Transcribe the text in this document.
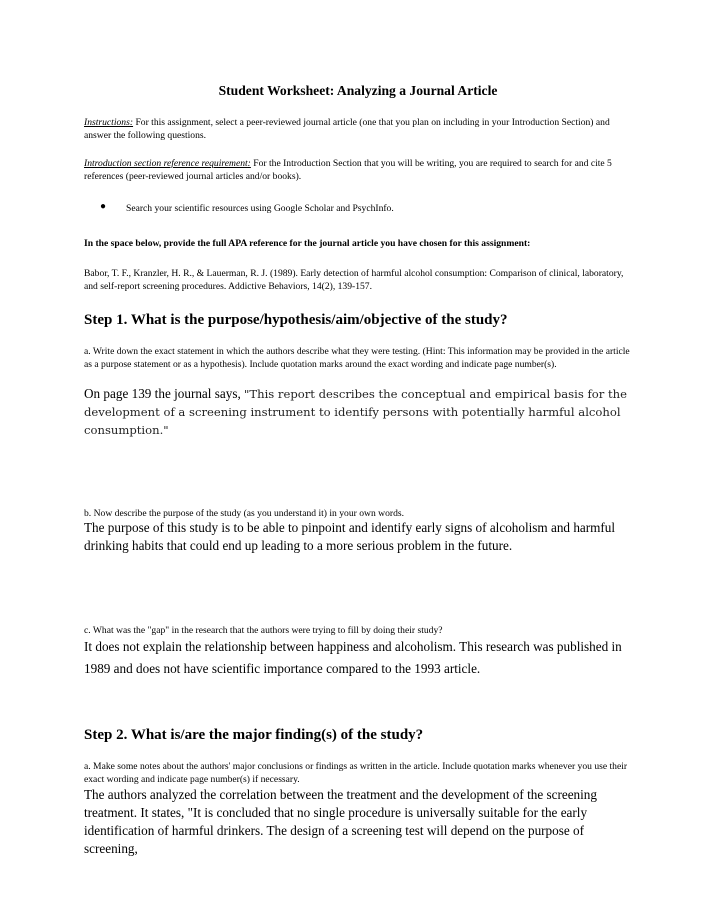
Student Worksheet: Analyzing a Journal Article
Instructions: For this assignment, select a peer-reviewed journal article (one that you plan on including in your Introduction Section) and answer the following questions.
Introduction section reference requirement: For the Introduction Section that you will be writing, you are required to search for and cite 5 references (peer-reviewed journal articles and/or books).
● Search your scientific resources using Google Scholar and PsychInfo.
In the space below, provide the full APA reference for the journal article you have chosen for this assignment:
Babor, T. F., Kranzler, H. R., & Lauerman, R. J. (1989). Early detection of harmful alcohol consumption: Comparison of clinical, laboratory, and self-report screening procedures. Addictive Behaviors, 14(2), 139-157.
Step 1. What is the purpose/hypothesis/aim/objective of the study?
a. Write down the exact statement in which the authors describe what they were testing. (Hint: This information may be provided in the article as a purpose statement or as a hypothesis). Include quotation marks around the exact wording and indicate page number(s).
On page 139 the journal says, "This report describes the conceptual and empirical basis for the development of a screening instrument to identify persons with potentially harmful alcohol consumption."
b. Now describe the purpose of the study (as you understand it) in your own words.
The purpose of this study is to be able to pinpoint and identify early signs of alcoholism and harmful drinking habits that could end up leading to a more serious problem in the future.
c. What was the "gap" in the research that the authors were trying to fill by doing their study?
It does not explain the relationship between happiness and alcoholism. This research was published in 1989 and does not have scientific importance compared to the 1993 article.
Step 2. What is/are the major finding(s) of the study?
a. Make some notes about the authors' major conclusions or findings as written in the article. Include quotation marks whenever you use their exact wording and indicate page number(s) if necessary.
The authors analyzed the correlation between the treatment and the development of the screening treatment. It states, "It is concluded that no single procedure is universally suitable for the early identification of harmful drinkers. The design of a screening test will depend on the purpose of screening,
